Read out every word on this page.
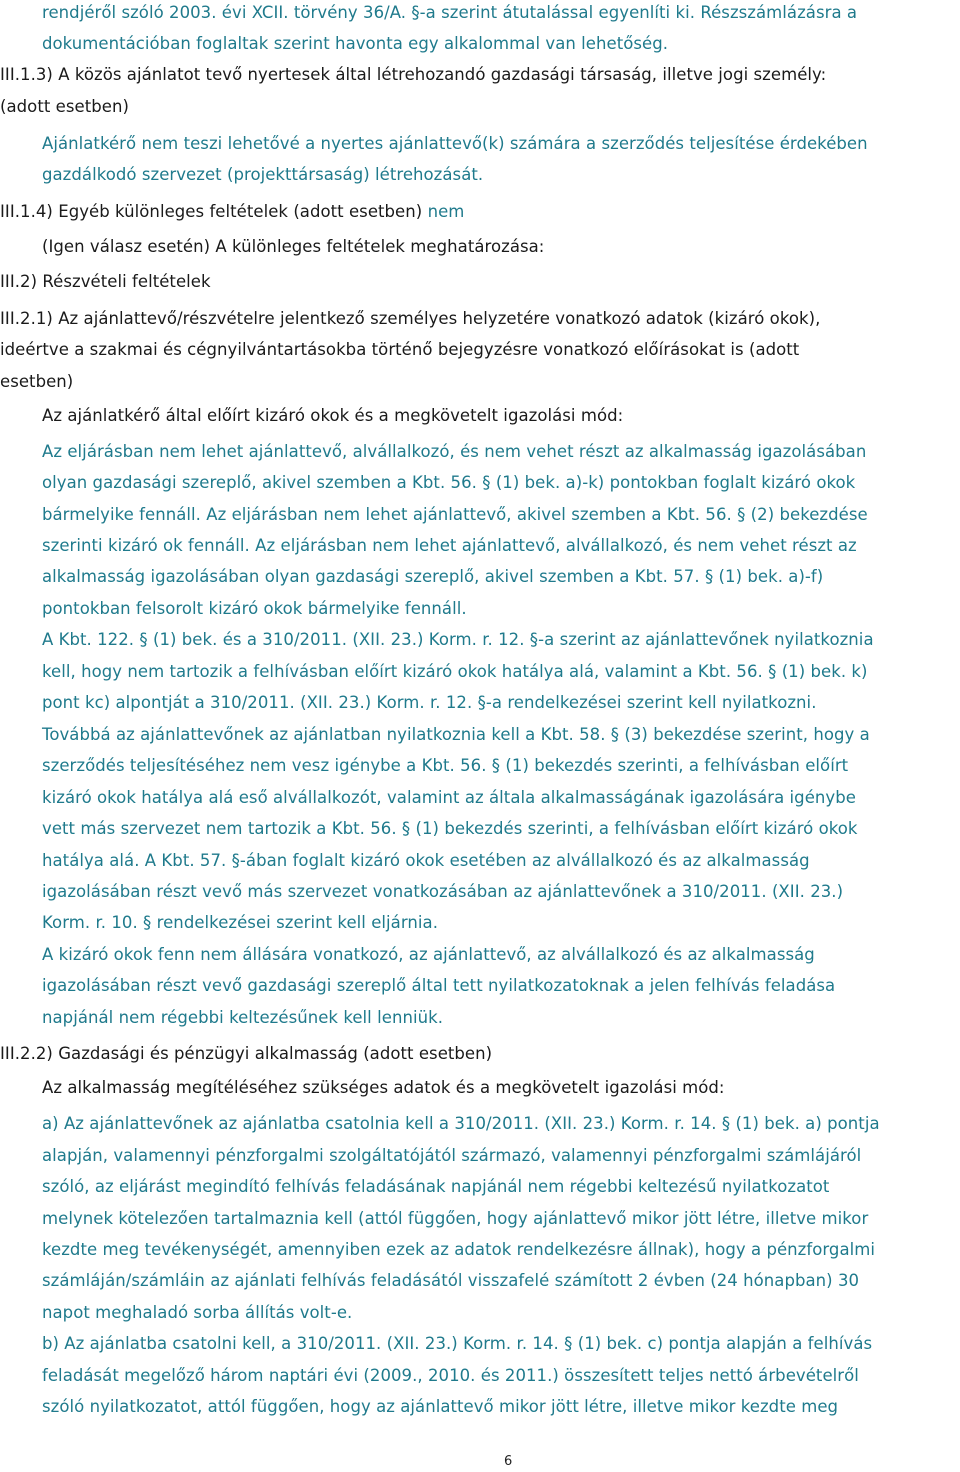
rendjéről szóló 2003. évi XCII. törvény 36/A. §-a szerint átutalással egyenlíti ki. Részszámlázásra a
dokumentációban foglaltak szerint havonta egy alkalommal van lehetőség.
III.1.3) A közös ajánlatot tevő nyertesek által létrehozandó gazdasági társaság, illetve jogi személy:
(adott esetben)
Ajánlatkérő nem teszi lehetővé a nyertes ajánlattevő(k) számára a szerződés teljesítése érdekében
gazdálkodó szervezet (projekttársaság) létrehozását.
III.1.4) Egyéb különleges feltételek (adott esetben) nem
(Igen válasz esetén) A különleges feltételek meghatározása:
III.2) Részvételi feltételek
III.2.1) Az ajánlattevő/részvételre jelentkező személyes helyzetére vonatkozó adatok (kizáró okok),
ideértve a szakmai és cégnyilvántartásokba történő bejegyzésre vonatkozó előírásokat is (adott
esetben)
Az ajánlatkérő által előírt kizáró okok és a megkövetelt igazolási mód:
Az eljárásban nem lehet ajánlattevő, alvállalkozó, és nem vehet részt az alkalmasság igazolásában
olyan gazdasági szereplő, akivel szemben a Kbt. 56. § (1) bek. a)-k) pontokban foglalt kizáró okok
bármelyike fennáll. Az eljárásban nem lehet ajánlattevő, akivel szemben a Kbt. 56. § (2) bekezdése
szerinti kizáró ok fennáll. Az eljárásban nem lehet ajánlattevő, alvállalkozó, és nem vehet részt az
alkalmasság igazolásában olyan gazdasági szereplő, akivel szemben a Kbt. 57. § (1) bek. a)-f)
pontokban felsorolt kizáró okok bármelyike fennáll.
A Kbt. 122. § (1) bek. és a 310/2011. (XII. 23.) Korm. r. 12. §-a szerint az ajánlattevőnek nyilatkoznia
kell, hogy nem tartozik a felhívásban előírt kizáró okok hatálya alá, valamint a Kbt. 56. § (1) bek. k)
pont kc) alpontját a 310/2011. (XII. 23.) Korm. r. 12. §-a rendelkezései szerint kell nyilatkozni.
Továbbá az ajánlattevőnek az ajánlatban nyilatkoznia kell a Kbt. 58. § (3) bekezdése szerint, hogy a
szerződés teljesítéséhez nem vesz igénybe a Kbt. 56. § (1) bekezdés szerinti, a felhívásban előírt
kizáró okok hatálya alá eső alvállalkozót, valamint az általa alkalmasságának igazolására igénybe
vett más szervezet nem tartozik a Kbt. 56. § (1) bekezdés szerinti, a felhívásban előírt kizáró okok
hatálya alá. A Kbt. 57. §-ában foglalt kizáró okok esetében az alvállalkozó és az alkalmasság
igazolásában részt vevő más szervezet vonatkozásában az ajánlattevőnek a 310/2011. (XII. 23.)
Korm. r. 10. § rendelkezései szerint kell eljárnia.
A kizáró okok fenn nem állására vonatkozó, az ajánlattevő, az alvállalkozó és az alkalmasság
igazolásában részt vevő gazdasági szereplő által tett nyilatkozatoknak a jelen felhívás feladása
napjánál nem régebbi keltezésűnek kell lenniük.
III.2.2) Gazdasági és pénzügyi alkalmasság (adott esetben)
Az alkalmasság megítéléséhez szükséges adatok és a megkövetelt igazolási mód:
a) Az ajánlattevőnek az ajánlatba csatolnia kell a 310/2011. (XII. 23.) Korm. r. 14. § (1) bek. a) pontja
alapján, valamennyi pénzforgalmi szolgáltatójától származó, valamennyi pénzforgalmi számlájáról
szóló, az eljárást megindító felhívás feladásának napjánál nem régebbi keltezésű nyilatkozatot
melynek kötelezően tartalmaznia kell (attól függően, hogy ajánlattevő mikor jött létre, illetve mikor
kezdte meg tevékenységét, amennyiben ezek az adatok rendelkezésre állnak), hogy a pénzforgalmi
számláján/számláin az ajánlati felhívás feladásától visszafelé számított 2 évben (24 hónapban) 30
napot meghaladó sorba állítás volt-e.
b) Az ajánlatba csatolni kell, a 310/2011. (XII. 23.) Korm. r. 14. § (1) bek. c) pontja alapján a felhívás
feladását megelőző három naptári évi (2009., 2010. és 2011.) összesített teljes nettó árbevételről
szóló nyilatkozatot, attól függően, hogy az ajánlattevő mikor jött létre, illetve mikor kezdte meg
6
